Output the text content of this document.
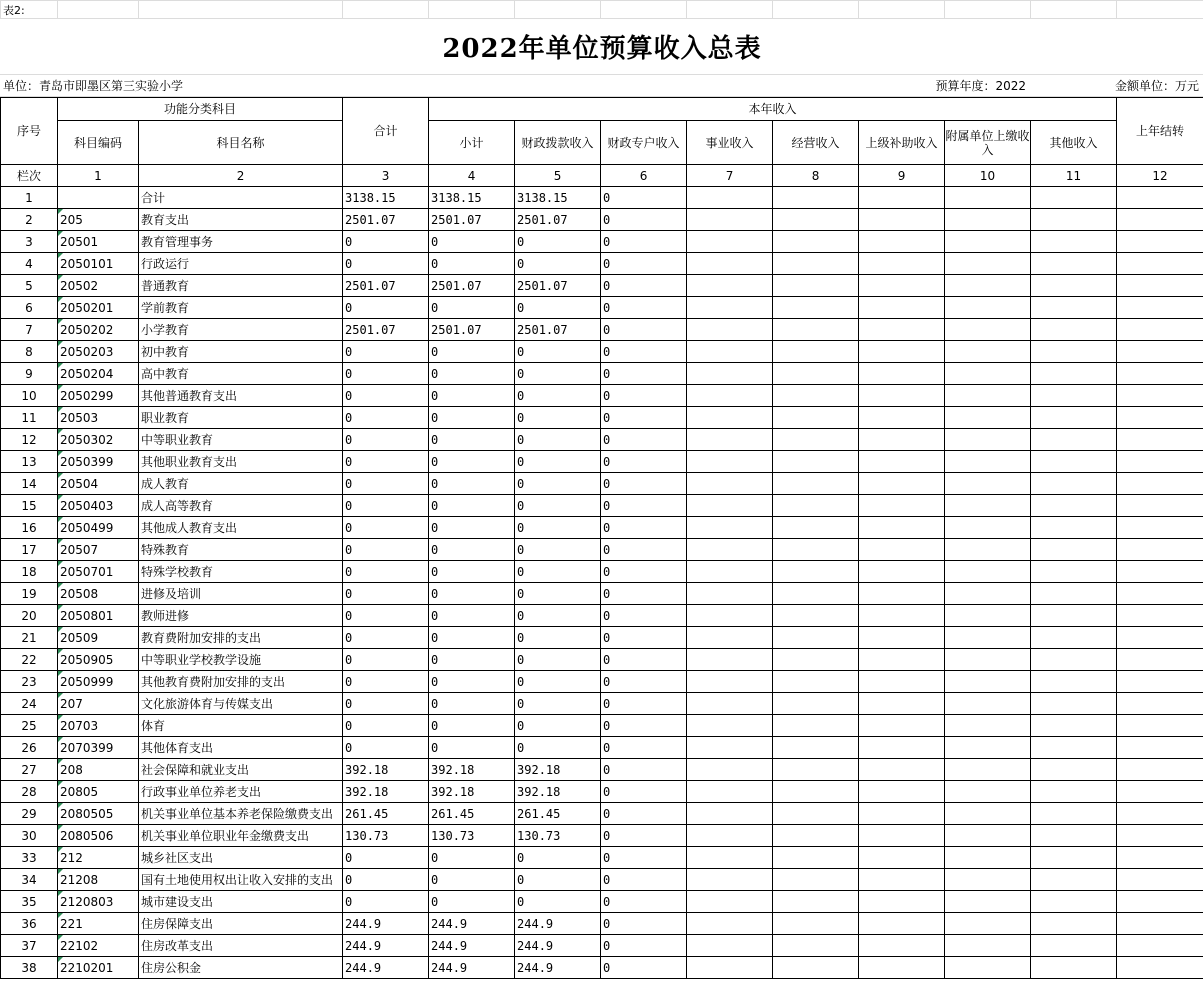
表2:												
2022年单位预算收入总表												
单位：青岛市即墨区第三实验小学								预算年度：2022			金额单位：万元	
序号	功能分类科目		合计	本年收入								上年结转
	科目编码	科目名称		小计	财政拨款收入	财政专户收入	事业收入	经营收入	上级补助收入	附属单位上缴收入	其他收入	
栏次	1	2	3	4	5	6	7	8	9	10	11	12
1		合计	3138.15	3138.15	3138.15	0						
2	205	教育支出	2501.07	2501.07	2501.07	0						
3	20501	教育管理事务	0	0	0	0						
4	2050101	行政运行	0	0	0	0						
5	20502	普通教育	2501.07	2501.07	2501.07	0						
6	2050201	学前教育	0	0	0	0						
7	2050202	小学教育	2501.07	2501.07	2501.07	0						
8	2050203	初中教育	0	0	0	0						
9	2050204	高中教育	0	0	0	0						
10	2050299	其他普通教育支出	0	0	0	0						
11	20503	职业教育	0	0	0	0						
12	2050302	中等职业教育	0	0	0	0						
13	2050399	其他职业教育支出	0	0	0	0						
14	20504	成人教育	0	0	0	0						
15	2050403	成人高等教育	0	0	0	0						
16	2050499	其他成人教育支出	0	0	0	0						
17	20507	特殊教育	0	0	0	0						
18	2050701	特殊学校教育	0	0	0	0						
19	20508	进修及培训	0	0	0	0						
20	2050801	教师进修	0	0	0	0						
21	20509	教育费附加安排的支出	0	0	0	0						
22	2050905	中等职业学校教学设施	0	0	0	0						
23	2050999	其他教育费附加安排的支出	0	0	0	0						
24	207	文化旅游体育与传媒支出	0	0	0	0						
25	20703	体育	0	0	0	0						
26	2070399	其他体育支出	0	0	0	0						
27	208	社会保障和就业支出	392.18	392.18	392.18	0						
28	20805	行政事业单位养老支出	392.18	392.18	392.18	0						
29	2080505	机关事业单位基本养老保险缴费支出	261.45	261.45	261.45	0						
30	2080506	机关事业单位职业年金缴费支出	130.73	130.73	130.73	0						
33	212	城乡社区支出	0	0	0	0						
34	21208	国有土地使用权出让收入安排的支出	0	0	0	0						
35	2120803	城市建设支出	0	0	0	0						
36	221	住房保障支出	244.9	244.9	244.9	0						
37	22102	住房改革支出	244.9	244.9	244.9	0						
38	2210201	住房公积金	244.9	244.9	244.9	0						
